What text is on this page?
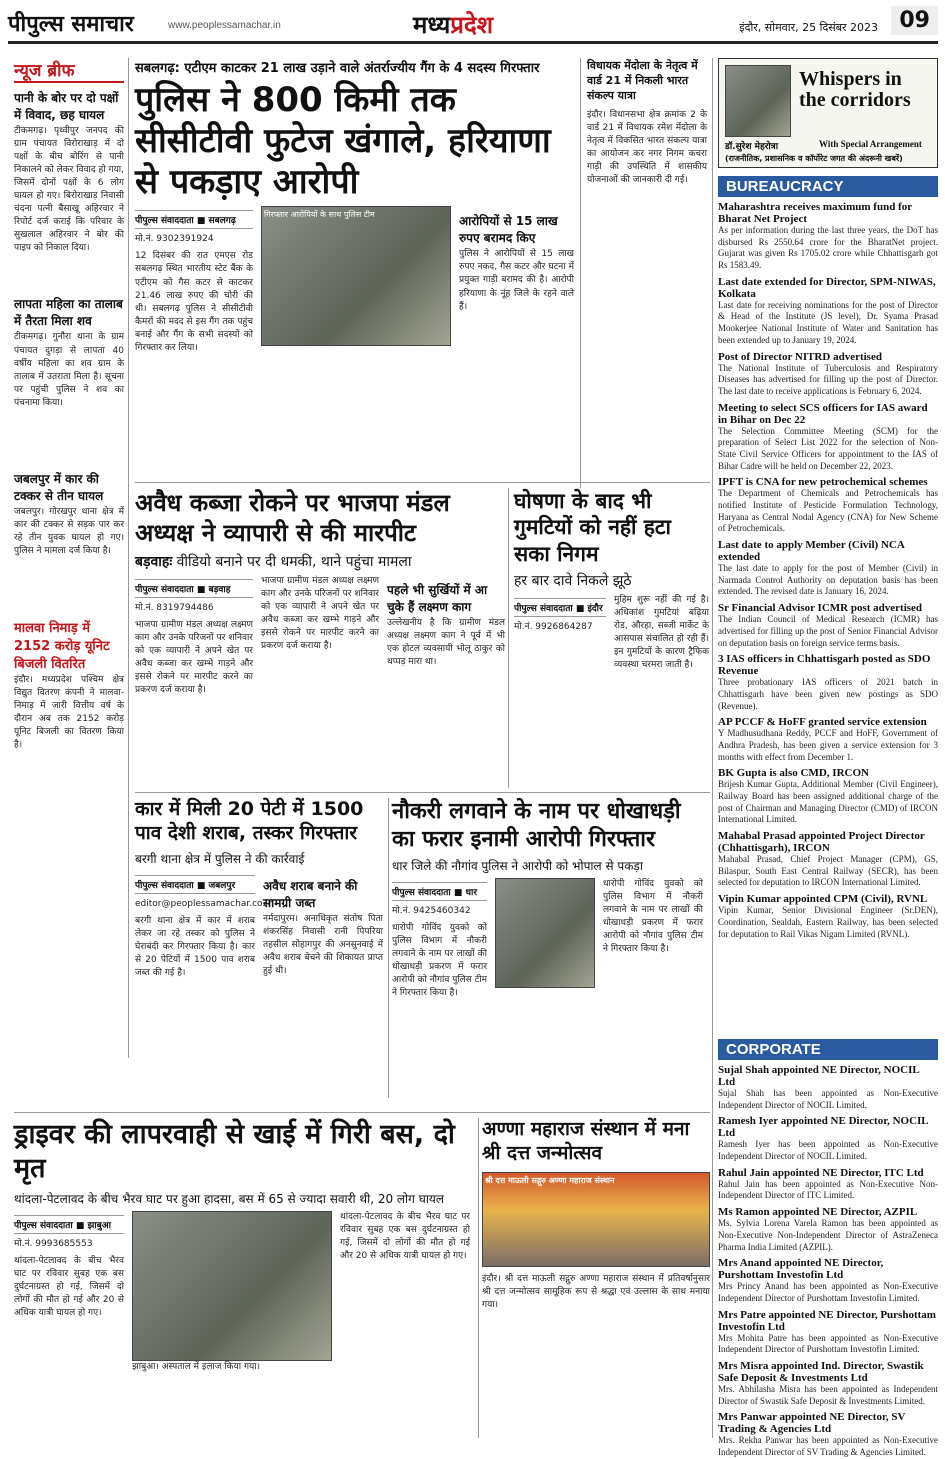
पीपुल्स समाचार	www.peoplessamachar.in	मध्यप्रदेश	इंदौर, सोमवार, 25 दिसंबर 2023 09
न्यूज ब्रीफ
पानी के बोर पर दो पक्षों में विवाद, छह घायल
टीकमगढ़। पृथ्वीपुर जनपद की ग्राम पंचायत विरोराखाड़ में दो पक्षों के बीच बोरिंग से पानी निकालने को लेकर विवाद हो गया, जिसमें दोनों पक्षों के 6 लोग घायल हो गए। बिरोराखाड़ निवासी चंदना पत्नी बैसाखू अहिरवार ने रिपोर्ट दर्ज कराई कि परिवार के सुखलाल अहिरवार ने बोर की पाइप को निकाल दिया।
लापता महिला का तालाब में तैरता मिला शव
टीकमगढ़। गुनौरा थाना के ग्राम पंचायत दुगड़ा से लापता 40 वर्षीय महिला का शव ग्राम के तालाब में उतराता मिला है। सूचना पर पहुंची पुलिस ने शव का पंचनामा किया।
जबलपुर में कार की टक्कर से तीन घायल
जबलपुर। गोरखपुर थाना क्षेत्र में कार की टक्कर से सड़क पार कर रहे तीन युवक घायल हो गए। पुलिस ने मामला दर्ज किया है।
मालवा निमाड़ में 2152 करोड़ यूनिट बिजली वितरित
इंदौर। मध्यप्रदेश पश्चिम क्षेत्र विद्युत वितरण कंपनी ने मालवा-निमाड़ में जारी वित्तीय वर्ष के दौरान अब तक 2152 करोड़ यूनिट बिजली का वितरण किया है।
सबलगढ़: एटीएम काटकर 21 लाख उड़ाने वाले अंतर्राज्यीय गैंग के 4 सदस्य गिरफ्तार
पुलिस ने 800 किमी तक सीसीटीवी फुटेज खंगाले, हरियाणा से पकड़ाए आरोपी
पीपुल्स संवाददाता ■ सबलगढ़
मो.नं. 9302391924
12 दिसंबर की रात एमएस रोड सबलगढ़ स्थित भारतीय स्टेट बैंक के एटीएम को गैस कटर से काटकर 21.46 लाख रुपए की चोरी की थी। सबलगढ़ पुलिस ने सीसीटीवी कैमरों की मदद से इस गैंग तक पहुंच बनाई और गैंग के सभी सदस्यों को गिरफ्तार कर लिया।
गिरफ्तार आरोपियों के साथ पुलिस टीम	आरोपियों से 15 लाख रुपए बरामद किए
पुलिस ने आरोपियों से 15 लाख रुपए नकद, गैस कटर और घटना में प्रयुक्त गाड़ी बरामद की है। आरोपी हरियाणा के नूंह जिले के रहने वाले हैं।
विधायक मेंदोला के नेतृत्व में वार्ड 21 में निकली भारत संकल्प यात्रा
इंदौर। विधानसभा क्षेत्र क्रमांक 2 के वार्ड 21 में विधायक रमेश मेंदोला के नेतृत्व में विकसित भारत संकल्प यात्रा का आयोजन कर नगर निगम कचरा गाड़ी की उपस्थिति में शासकीय योजनाओं की जानकारी दी गई।
Whispers in the corridors
डॉ.सुरेश मेहरोत्रा	With Special Arrangement
(राजनीतिक, प्रशासनिक व कॉर्पोरेट जगत की अंदरूनी खबरें)
BUREAUCRACY
Maharashtra receives maximum fund for Bharat Net Project
As per information during the last three years, the DoT has disbursed Rs 2550.64 crore for the BharatNet project. Gujarat was given Rs 1705.02 crore while Chhattisgarh got Rs 1583.49.
Last date extended for Director, SPM-NIWAS, Kolkata
Last date for receiving nominations for the post of Director & Head of the Institute (JS level), Dr. Syama Prasad Mookerjee National Institute of Water and Sanitation has been extended up to January 19, 2024.
Post of Director NITRD advertised
The National Institute of Tuberculosis and Respiratory Diseases has advertised for filling up the post of Director. The last date to receive applications is February 6, 2024.
Meeting to select SCS officers for IAS award in Bihar on Dec 22
The Selection Committee Meeting (SCM) for the preparation of Select List 2022 for the selection of Non-State Civil Service Officers for appointment to the IAS of Bihar Cadre will be held on December 22, 2023.
IPFT is CNA for new petrochemical schemes
The Department of Chemicals and Petrochemicals has notified Institute of Pesticide Formulation Technology, Haryana as Central Nodal Agency (CNA) for New Scheme of Petrochemicals.
Last date to apply Member (Civil) NCA extended
The last date to apply for the post of Member (Civil) in Narmada Control Authority on deputation basis has been extended. The revised date is January 16, 2024.
Sr Financial Advisor ICMR post advertised
The Indian Council of Medical Research (ICMR) has advertised for filling up the post of Senior Financial Advisor on deputation basis on foreign service terms basis.
3 IAS officers in Chhattisgarh posted as SDO Revenue
Three probationary IAS officers of 2021 batch in Chhattisgarh have been given new postings as SDO (Revenue).
AP PCCF & HoFF granted service extension
Y Madhusudhana Reddy, PCCF and HoFF, Government of Andhra Pradesh, has been given a service extension for 3 months with effect from December 1.
BK Gupta is also CMD, IRCON
Brijesh Kumar Gupta, Additional Member (Civil Engineer), Railway Board has been assigned additional charge of the post of Chairman and Managing Director (CMD) of IRCON International Limited.
Mahabal Prasad appointed Project Director (Chhattisgarh), IRCON
Mahabal Prasad, Chief Project Manager (CPM), GS, Bilaspur, South East Central Railway (SECR), has been selected for deputation to IRCON International Limited.
Vipin Kumar appointed CPM (Civil), RVNL
Vipin Kumar, Senior Divisional Engineer (Sr.DEN), Coordination, Sealdah, Eastern Railway, has been selected for deputation to Rail Vikas Nigam Limited (RVNL).
CORPORATE
Sujal Shah appointed NE Director, NOCIL Ltd
Sujal Shah has been appointed as Non-Executive Independent Director of NOCIL Limited.
Ramesh Iyer appointed NE Director, NOCIL Ltd
Ramesh Iyer has been appointed as Non-Executive Independent Director of NOCIL Limited.
Rahul Jain appointed NE Director, ITC Ltd
Rahul Jain has been appointed as Non-Executive Non-Independent Director of ITC Limited.
Ms Ramon appointed NE Director, AZPIL
Ms. Sylvia Lorena Varela Ramon has been appointed as Non-Executive Non-Independent Director of AstraZeneca Pharma India Limited (AZPIL).
Mrs Anand appointed NE Director, Purshottam Investofin Ltd
Mrs Princy Anand has been appointed as Non-Executive Independent Director of Purshottam Investofin Limited.
Mrs Patre appointed NE Director, Purshottam Investofin Ltd
Mrs Mohita Patre has been appointed as Non-Executive Independent Director of Purshottam Investofin Limited.
Mrs Misra appointed Ind. Director, Swastik Safe Deposit & Investments Ltd
Mrs. Abhilasha Misra has been appointed as Independent Director of Swastik Safe Deposit & Investments Limited.
Mrs Panwar appointed NE Director, SV Trading & Agencies Ltd
Mrs. Rekha Panwar has been appointed as Non-Executive Independent Director of SV Trading & Agencies Limited.
अवैध कब्जा रोकने पर भाजपा मंडल अध्यक्ष ने व्यापारी से की मारपीट
बड़वाहः वीडियो बनाने पर दी धमकी, थाने पहुंचा मामला
पीपुल्स संवाददाता ■ बड़वाह
मो.नं. 8319794486
भाजपा ग्रामीण मंडल अध्यक्ष लक्ष्मण काग और उनके परिजनों पर शनिवार को एक व्यापारी ने अपने खेत पर अवैध कब्जा कर खम्भे गाड़ने और इससे रोकने पर मारपीट करने का प्रकरण दर्ज कराया है।
भाजपा ग्रामीण मंडल अध्यक्ष लक्ष्मण काग और उनके परिजनों पर शनिवार को एक व्यापारी ने अपने खेत पर अवैध कब्जा कर खम्भे गाड़ने और इससे रोकने पर मारपीट करने का प्रकरण दर्ज कराया है।
पहले भी सुर्खियों में आ चुके हैं लक्ष्मण काग
उल्लेखनीय है कि ग्रामीण मंडल अध्यक्ष लक्ष्मण काग ने पूर्व में भी एक होटल व्यवसायी भोलू ठाकुर को थप्पड़ मारा था।
घोषणा के बाद भी गुमटियों को नहीं हटा सका निगम
हर बार दावे निकले झूठे
पीपुल्स संवाददाता ■ इंदौर
मो.नं. 9926864287
मुहिम शुरू नहीं की गई है। अधिकांश गुमटियां बढ़िया रोड, औरहा, सब्जी मार्केट के आसपास संचालित हो रही हैं। इन गुमटियों के कारण ट्रैफिक व्यवस्था चरमरा जाती है।
कार में मिली 20 पेटी में 1500 पाव देशी शराब, तस्कर गिरफ्तार
बरगी थाना क्षेत्र में पुलिस ने की कार्रवाई
पीपुल्स संवाददाता ■ जबलपुर
editor@peoplessamachar.co.in
बरगी थाना क्षेत्र में कार में शराब लेकर जा रहे तस्कर को पुलिस ने घेराबंदी कर गिरफ्तार किया है। कार से 20 पेटियों में 1500 पाव शराब जब्त की गई है।
अवैध शराब बनाने की सामग्री जब्त
नर्मदापुरम। अनाधिकृत संतोष पिता शंकरसिंह निवासी रानी पिपरिया तहसील सोहागपुर की अनसुनवाई में अवैध शराब बेचने की शिकायत प्राप्त हुई थी।
नौकरी लगवाने के नाम पर धोखाधड़ी का फरार इनामी आरोपी गिरफ्तार
धार जिले की नौगांव पुलिस ने आरोपी को भोपाल से पकड़ा
पीपुल्स संवाददाता ■ धार
मो.नं. 9425460342
धारोपी गोविंद युवको को पुलिस विभाग में नौकरी लगवाने के नाम पर लाखों की धोखाधड़ी प्रकरण में फरार आरोपी को नौगांव पुलिस टीम ने गिरफ्तार किया है।
धारोपी गोविंद युवको को पुलिस विभाग में नौकरी लगवाने के नाम पर लाखों की धोखाधड़ी प्रकरण में फरार आरोपी को नौगांव पुलिस टीम ने गिरफ्तार किया है।
ड्राइवर की लापरवाही से खाई में गिरी बस, दो मृत
थांदला-पेटलावद के बीच भैरव घाट पर हुआ हादसा, बस में 65 से ज्यादा सवारी थी, 20 लोग घायल
पीपुल्स संवाददाता ■ झाबुआ
मो.नं. 9993685553
थांदला-पेटलावद के बीच भैरव घाट पर रविवार सुबह एक बस दुर्घटनाग्रस्त हो गई, जिसमें दो लोगों की मौत हो गई और 20 से अधिक यात्री घायल हो गए।
झाबुआ। अस्पताल में इलाज किया गया।
थांदला-पेटलावद के बीच भैरव घाट पर रविवार सुबह एक बस दुर्घटनाग्रस्त हो गई, जिसमें दो लोगों की मौत हो गई और 20 से अधिक यात्री घायल हो गए।
अण्णा महाराज संस्थान में मना श्री दत्त जन्मोत्सव
श्री दत्त माऊली सद्गुरु अण्णा महाराज संस्थान
इंदौर। श्री दत्त माऊली सद्गुरु अण्णा महाराज संस्थान में प्रतिवर्षानुसार श्री दत्त जन्मोत्सव सामूहिक रूप से श्रद्धा एवं उल्लास के साथ मनाया गया।
